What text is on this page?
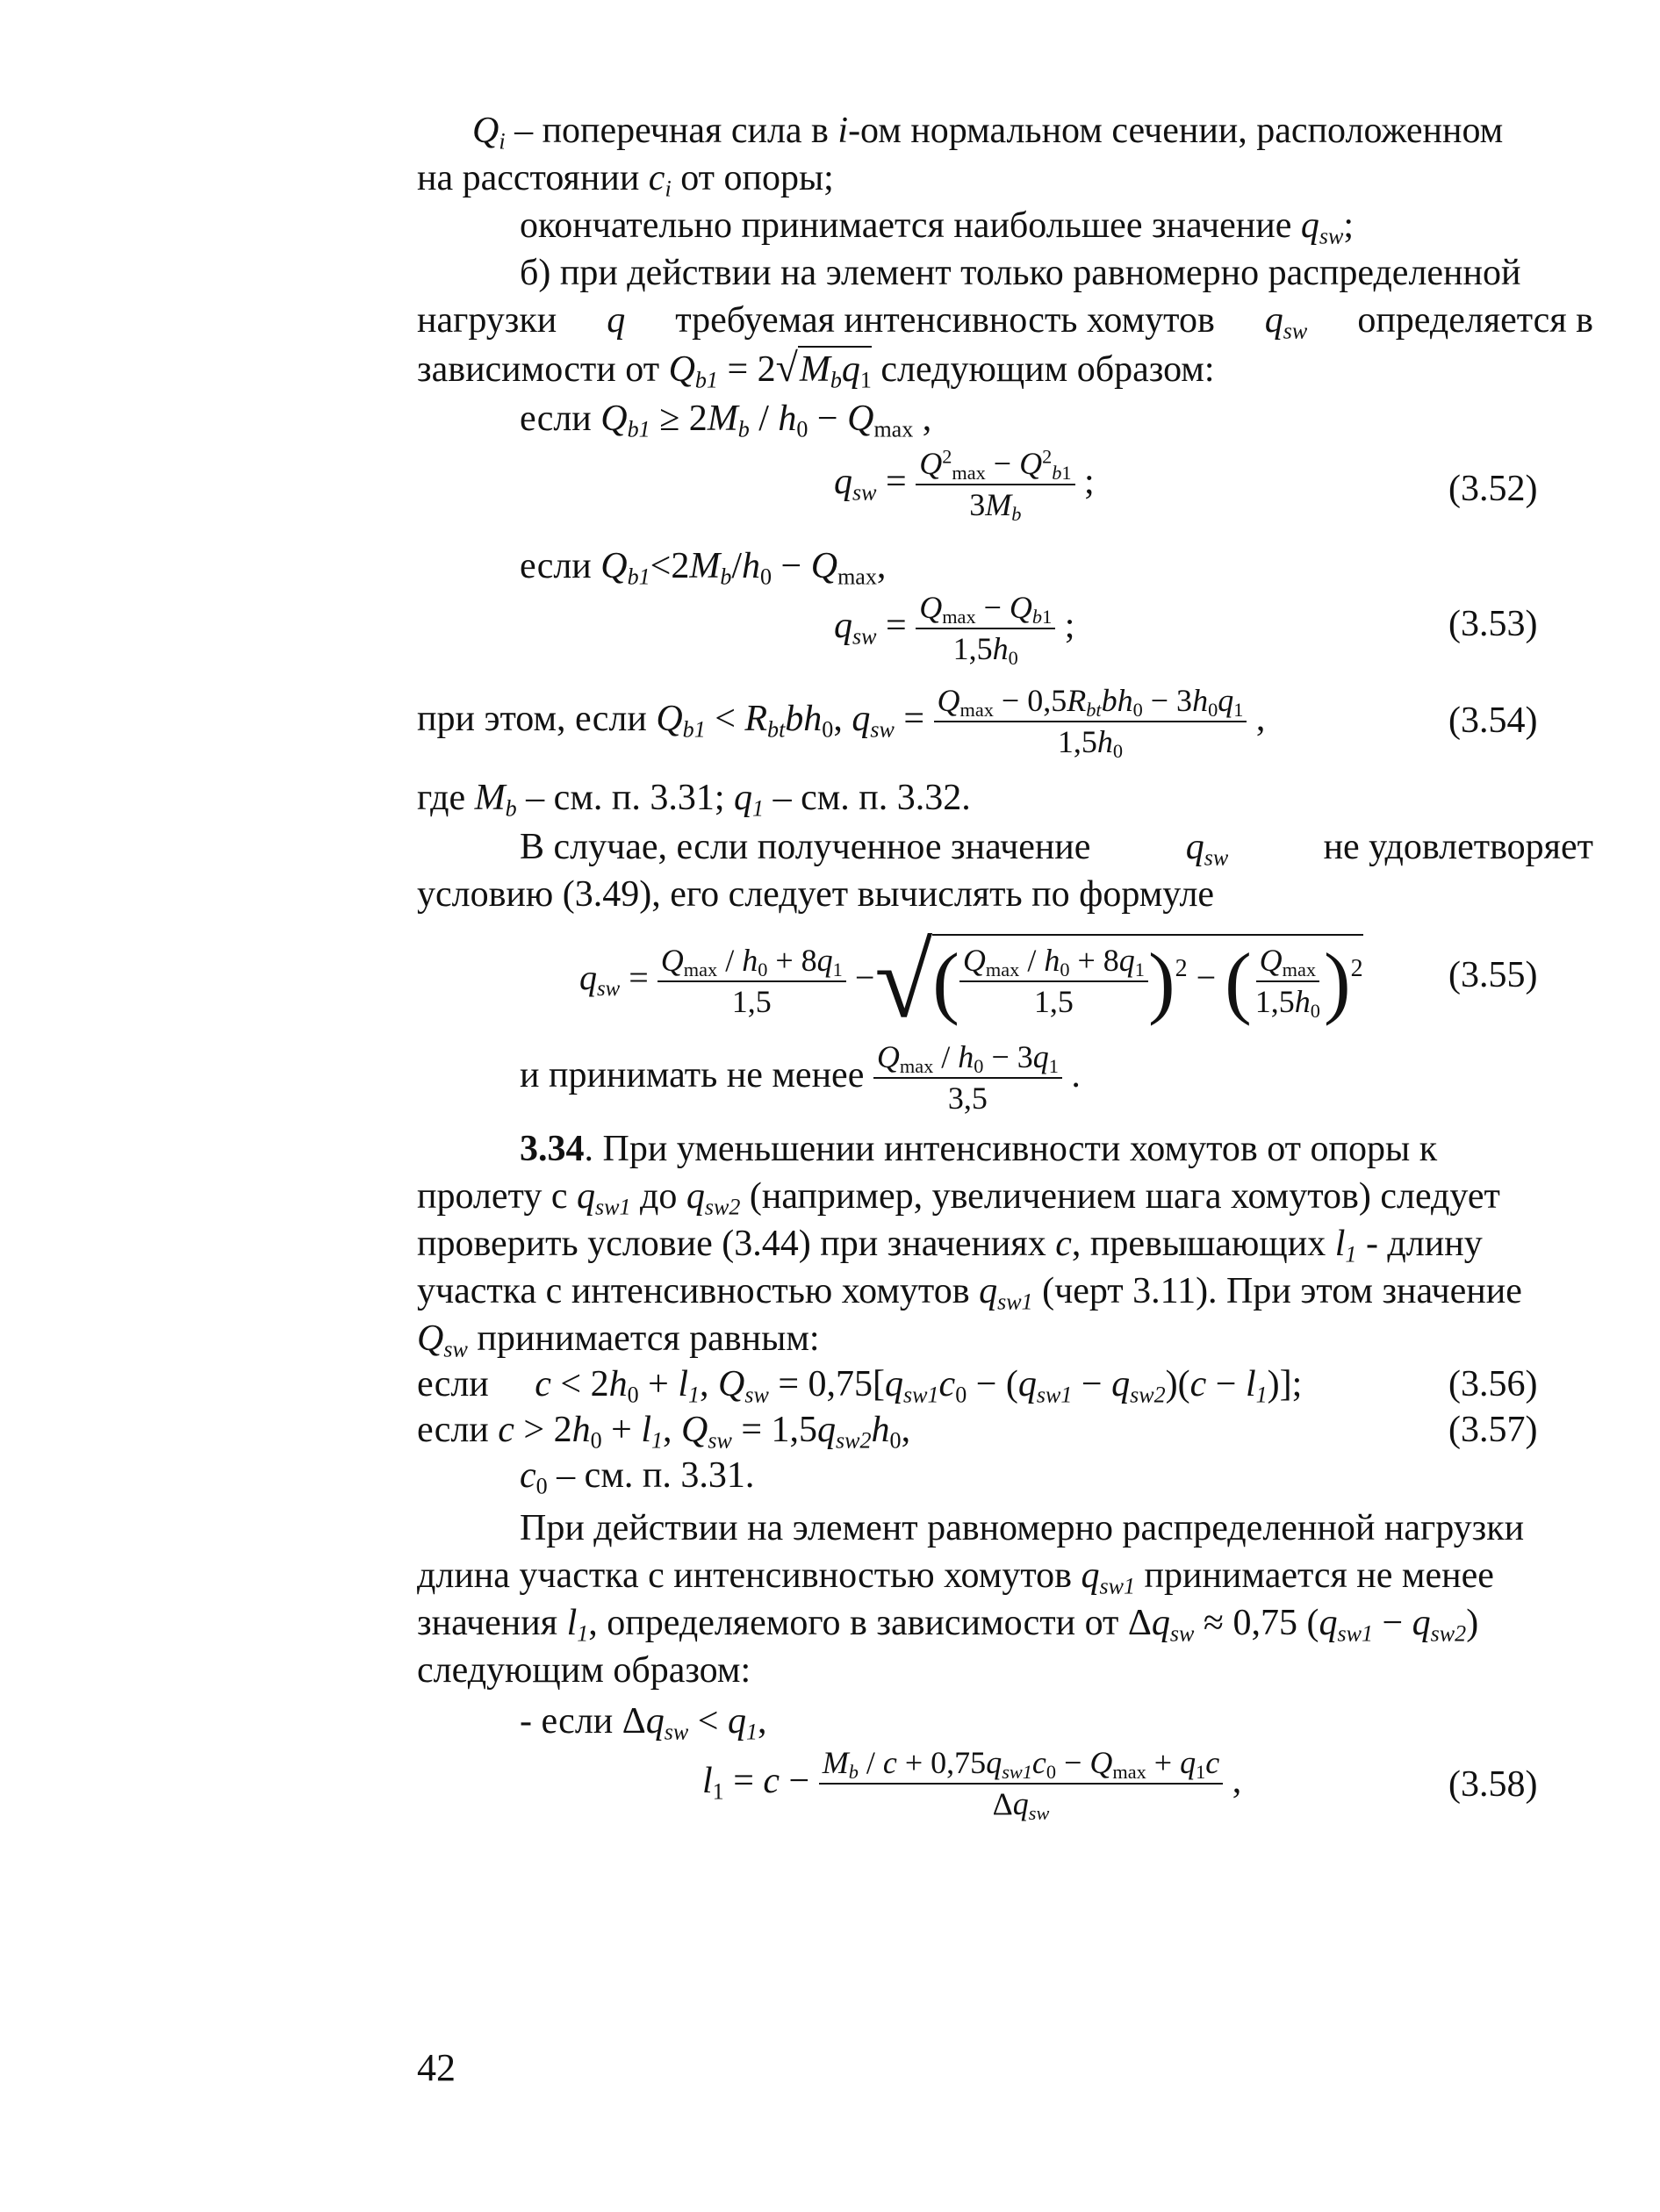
$Q_i$ – поперечная сила в i-ом нормальном сечении, расположенном
на расстоянии $c_i$ от опоры;
окончательно принимается наибольшее значение $q_{sw}$;
б) при действии на элемент только равномерно распределенной
нагрузки q требуемая интенсивность хомутов $q_{sw}$ определяется в
зависимости от $Q_{b1} = 2√M_bq_1$ следующим образом:
если $Q_{b1} \ge 2M_b / h_0 - Q_{max}$ ,
$q_{sw} = Q^2_{max} - Q^2_{b1}$
$3M_b$
;	(3.52)
если $Q_{b1}<2M_b/h_0 - Q_{max}$,
$q_{sw} = Q_{max} - Q_{b1}$
$1,5h_0$
;	(3.53)
при этом, если $Q_{b1} < R_{bt}bh_0$, $q_{sw} = Q_{max} - 0,5R_{bt}bh_0 - 3h_0q_1$
$1,5h_0$
,	(3.54)
где $M_b$ – см. п. 3.31; $q_1$ – см. п. 3.32.
В случае, если полученное значение	$q_{sw}$	не удовлетворяет
условию (3.49), его следует вычислять по формуле
$q_{sw} = Q_{max} / h_0 + 8q_1$
1,5
−√( $Q_{max} / h_0 + 8q_1$
1,5 )$^2$ − ( $Q_{max}$
$1,5h_0$ )$^2$ (3.55)
и принимать не менее $Q_{max} / h_0 - 3q_1$
3,5
.
3.34. При уменьшении интенсивности хомутов от опоры к
пролету с $q_{sw1}$ до $q_{sw2}$ (например, увеличением шага хомутов) следует
проверить условие (3.44) при значениях c, превышающих $l_1$ - длину
участка с интенсивностью хомутов $q_{sw1}$ (черт 3.11). При этом значение
$Q_{sw}$ принимается равным:
если $c < 2h_0 + l_1$, $Q_{sw} = 0,75[q_{sw1}c_0 - (q_{sw1} - q_{sw2})(c - l_1)]$;	(3.56)
если $c > 2h_0 + l_1$, $Q_{sw} = 1,5q_{sw2}h_0$,	(3.57)
$c_0$ – см. п. 3.31.
При действии на элемент равномерно распределенной нагрузки
длина участка с интенсивностью хомутов $q_{sw1}$ принимается не менее
значения $l_1$, определяемого в зависимости от $\Delta q_{sw} \approx 0,75$ $(q_{sw1} - q_{sw2})$
следующим образом:
- если $\Delta q_{sw} < q_1$,
$l_1 = c - M_b / c + 0,75q_{sw1}c_0 - Q_{max} + q_1c$
$\Delta q_{sw}$
,	(3.58)
42
